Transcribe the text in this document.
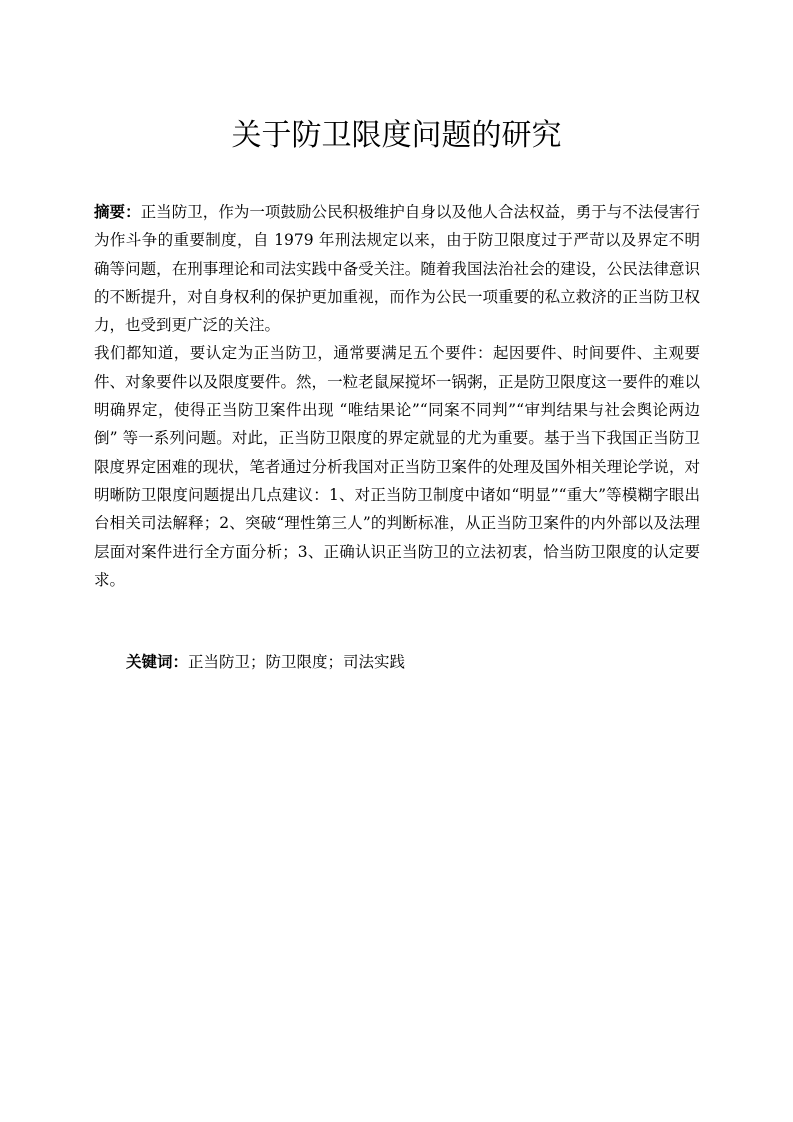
关于防卫限度问题的研究

摘要：正当防卫，作为一项鼓励公民积极维护自身以及他人合法权益，勇于与不法侵害行为作斗争的重要制度，自 1979 年刑法规定以来，由于防卫限度过于严苛以及界定不明确等问题，在刑事理论和司法实践中备受关注。随着我国法治社会的建设，公民法律意识的不断提升，对自身权利的保护更加重视，而作为公民一项重要的私立救济的正当防卫权力，也受到更广泛的关注。

我们都知道，要认定为正当防卫，通常要满足五个要件：起因要件、时间要件、主观要件、对象要件以及限度要件。然，一粒老鼠屎搅坏一锅粥，正是防卫限度这一要件的难以明确界定，使得正当防卫案件出现 “唯结果论”“同案不同判”“审判结果与社会舆论两边倒” 等一系列问题。对此，正当防卫限度的界定就显的尤为重要。基于当下我国正当防卫限度界定困难的现状，笔者通过分析我国对正当防卫案件的处理及国外相关理论学说，对明晰防卫限度问题提出几点建议：1、对正当防卫制度中诸如“明显”“重大”等模糊字眼出台相关司法解释；2、突破“理性第三人”的判断标准，从正当防卫案件的内外部以及法理层面对案件进行全方面分析；3、正确认识正当防卫的立法初衷，恰当防卫限度的认定要求。

关键词：正当防卫；防卫限度；司法实践
